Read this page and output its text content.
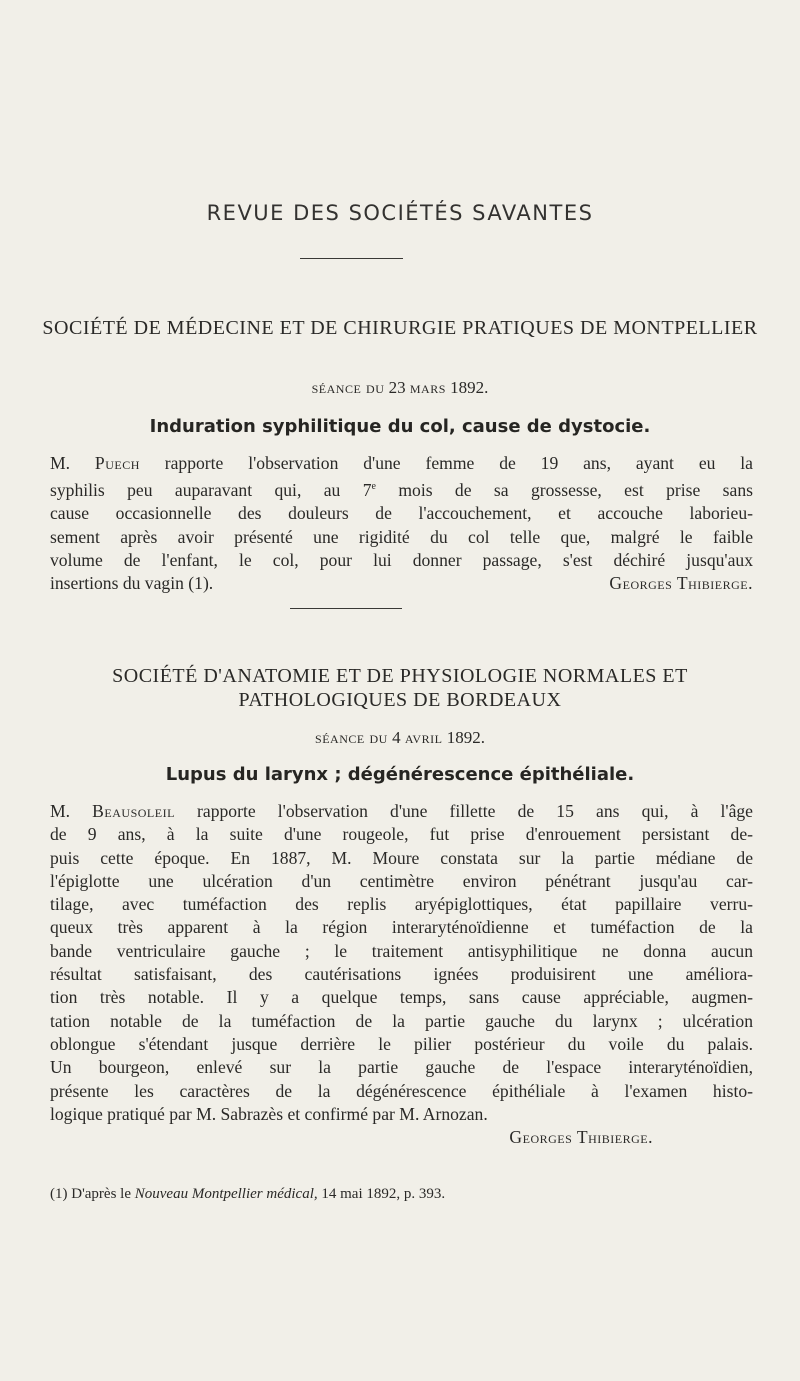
REVUE DES SOCIÉTÉS SAVANTES
SOCIÉTÉ DE MÉDECINE ET DE CHIRURGIE PRATIQUES DE MONTPELLIER
séance du 23 mars 1892.
Induration syphilitique du col, cause de dystocie.
M. Puech rapporte l'observation d'une femme de 19 ans, ayant eu la
syphilis peu auparavant qui, au 7e mois de sa grossesse, est prise sans
cause occasionnelle des douleurs de l'accouchement, et accouche laborieu-
sement après avoir présenté une rigidité du col telle que, malgré le faible
volume de l'enfant, le col, pour lui donner passage, s'est déchiré jusqu'aux
insertions du vagin (1).	Georges Thibierge.
SOCIÉTÉ D'ANATOMIE ET DE PHYSIOLOGIE NORMALES ET
PATHOLOGIQUES DE BORDEAUX
séance du 4 avril 1892.
Lupus du larynx ; dégénérescence épithéliale.
M. Beausoleil rapporte l'observation d'une fillette de 15 ans qui, à l'âge
de 9 ans, à la suite d'une rougeole, fut prise d'enrouement persistant de-
puis cette époque. En 1887, M. Moure constata sur la partie médiane de
l'épiglotte une ulcération d'un centimètre environ pénétrant jusqu'au car-
tilage, avec tuméfaction des replis aryépiglottiques, état papillaire verru-
queux très apparent à la région interaryténoïdienne et tuméfaction de la
bande ventriculaire gauche ; le traitement antisyphilitique ne donna aucun
résultat satisfaisant, des cautérisations ignées produisirent une améliora-
tion très notable. Il y a quelque temps, sans cause appréciable, augmen-
tation notable de la tuméfaction de la partie gauche du larynx ; ulcération
oblongue s'étendant jusque derrière le pilier postérieur du voile du palais.
Un bourgeon, enlevé sur la partie gauche de l'espace interaryténoïdien,
présente les caractères de la dégénérescence épithéliale à l'examen histo-
logique pratiqué par M. Sabrazès et confirmé par M. Arnozan.
Georges Thibierge.

(1) D'après le Nouveau Montpellier médical, 14 mai 1892, p. 393.
